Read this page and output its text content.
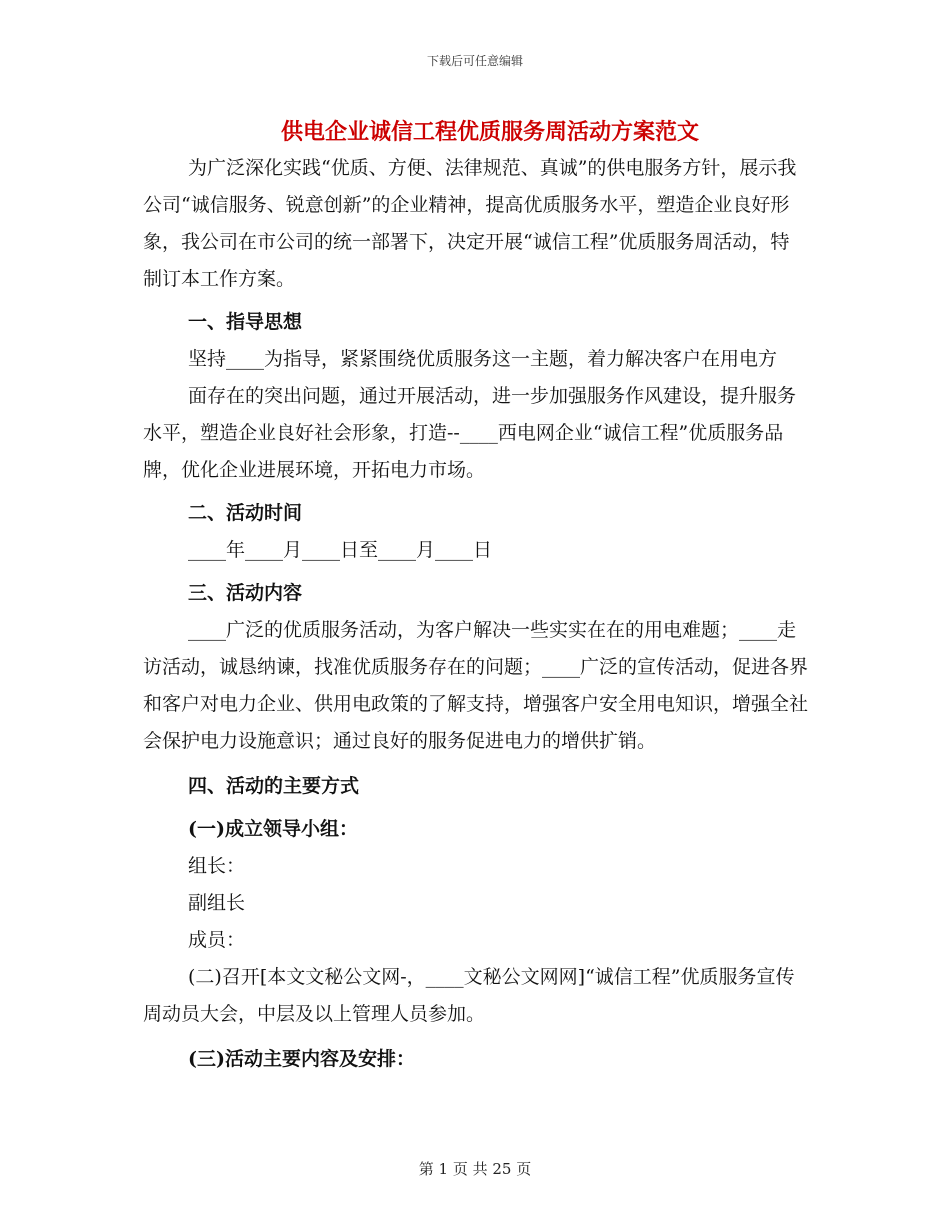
下载后可任意编辑
供电企业诚信工程优质服务周活动方案范文

为广泛深化实践“优质、方便、法律规范、真诚”的供电服务方针，展示我公司“诚信服务、锐意创新”的企业精神，提高优质服务水平，塑造企业良好形象，我公司在市公司的统一部署下，决定开展“诚信工程”优质服务周活动，特制订本工作方案。

一、指导思想

坚持____为指导，紧紧围绕优质服务这一主题，着力解决客户在用电方

面存在的突出问题，通过开展活动，进一步加强服务作风建设，提升服务水平，塑造企业良好社会形象，打造--____西电网企业“诚信工程”优质服务品牌，优化企业进展环境，开拓电力市场。

二、活动时间

____年____月____日至____月____日

三、活动内容

____广泛的优质服务活动，为客户解决一些实实在在的用电难题；____走访活动，诚恳纳谏，找准优质服务存在的问题；____广泛的宣传活动，促进各界和客户对电力企业、供用电政策的了解支持，增强客户安全用电知识，增强全社会保护电力设施意识；通过良好的服务促进电力的增供扩销。

四、活动的主要方式

(一)成立领导小组：

组长：

副组长

成员：

(二)召开[本文文秘公文网-，____文秘公文网网]“诚信工程”优质服务宣传周动员大会，中层及以上管理人员参加。

(三)活动主要内容及安排：

第 1 页 共 25 页
